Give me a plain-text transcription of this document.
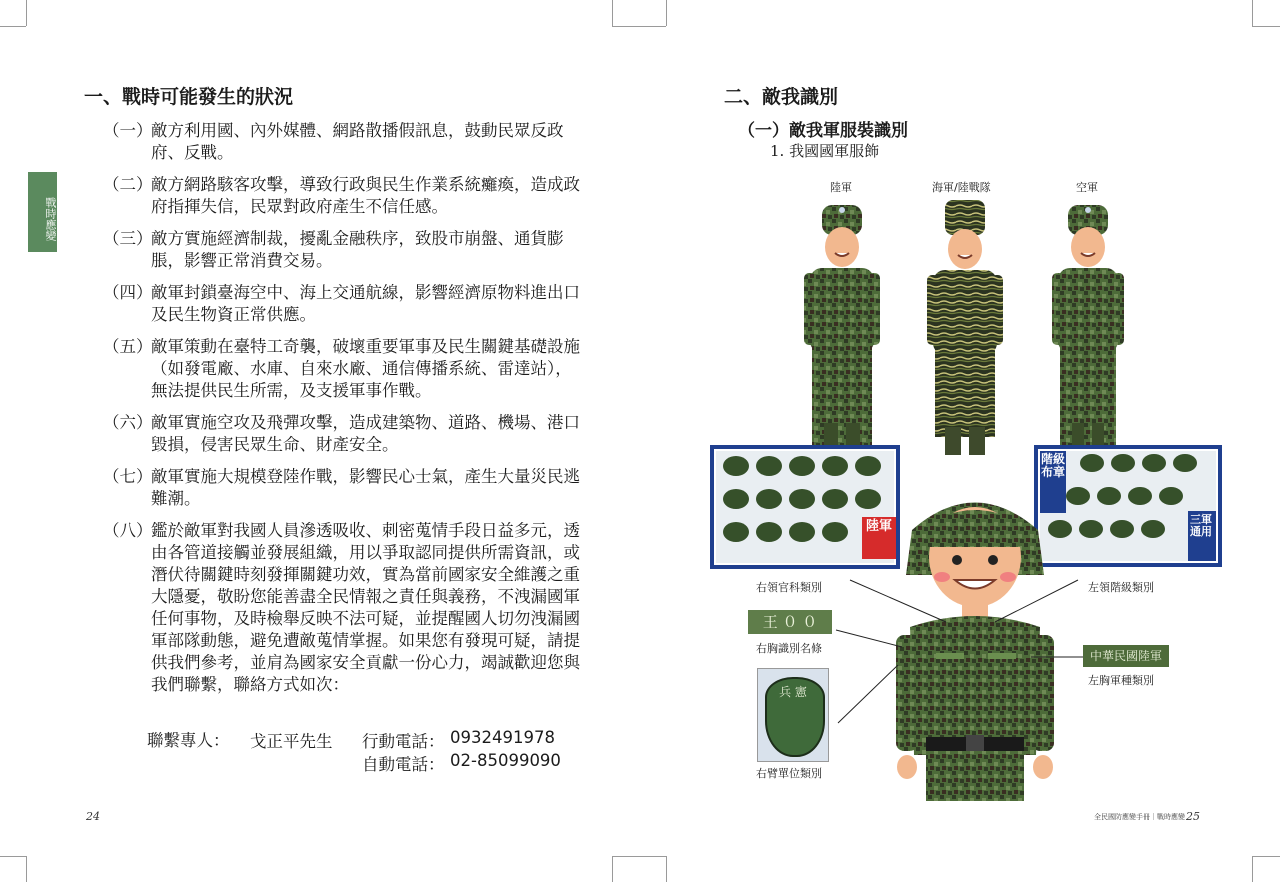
戰時應變
一、戰時可能發生的狀況
（一）
敵方利用國、內外媒體、網路散播假訊息，鼓動民眾反政府、反戰。
（二）
敵方網路駭客攻擊，導致行政與民生作業系統癱瘓，造成政府指揮失信，民眾對政府產生不信任感。
（三）
敵方實施經濟制裁，擾亂金融秩序，致股市崩盤、通貨膨脹，影響正常消費交易。
（四）
敵軍封鎖臺海空中、海上交通航線，影響經濟原物料進出口及民生物資正常供應。
（五）
敵軍策動在臺特工奇襲，破壞重要軍事及民生關鍵基礎設施（如發電廠、水庫、自來水廠、通信傳播系統、雷達站），無法提供民生所需，及支援軍事作戰。
（六）
敵軍實施空攻及飛彈攻擊，造成建築物、道路、機場、港口毀損，侵害民眾生命、財產安全。
（七）
敵軍實施大規模登陸作戰，影響民心士氣，產生大量災民逃難潮。
（八）
鑑於敵軍對我國人員滲透吸收、刺密蒐情手段日益多元，透由各管道接觸並發展組織，用以爭取認同提供所需資訊，或潛伏待關鍵時刻發揮關鍵功效，實為當前國家安全維護之重大隱憂，敬盼您能善盡全民情報之責任與義務，不洩漏國軍任何事物，及時檢舉反映不法可疑，並提醒國人切勿洩漏國軍部隊動態，避免遭敵蒐情掌握。如果您有發現可疑，請提供我們參考，並肩為國家安全貢獻一份心力，竭誠歡迎您與我們聯繫，聯絡方式如次：
聯繫專人： 戈正平先生 行動電話： 0932491978
自動電話： 02-85099090
24
二、敵我識別
（一）敵我軍服裝識別
1. 我國國軍服飾
陸軍	海軍/陸戰隊	空軍
陸軍
階級布章
三軍通用
右領官科類別	左領階級類別
右胸識別名條
左胸軍種類別
右臂單位類別
王 ０ ０
中華民國陸軍
兵 憲
全民國防應變手冊｜戰時應變 25
